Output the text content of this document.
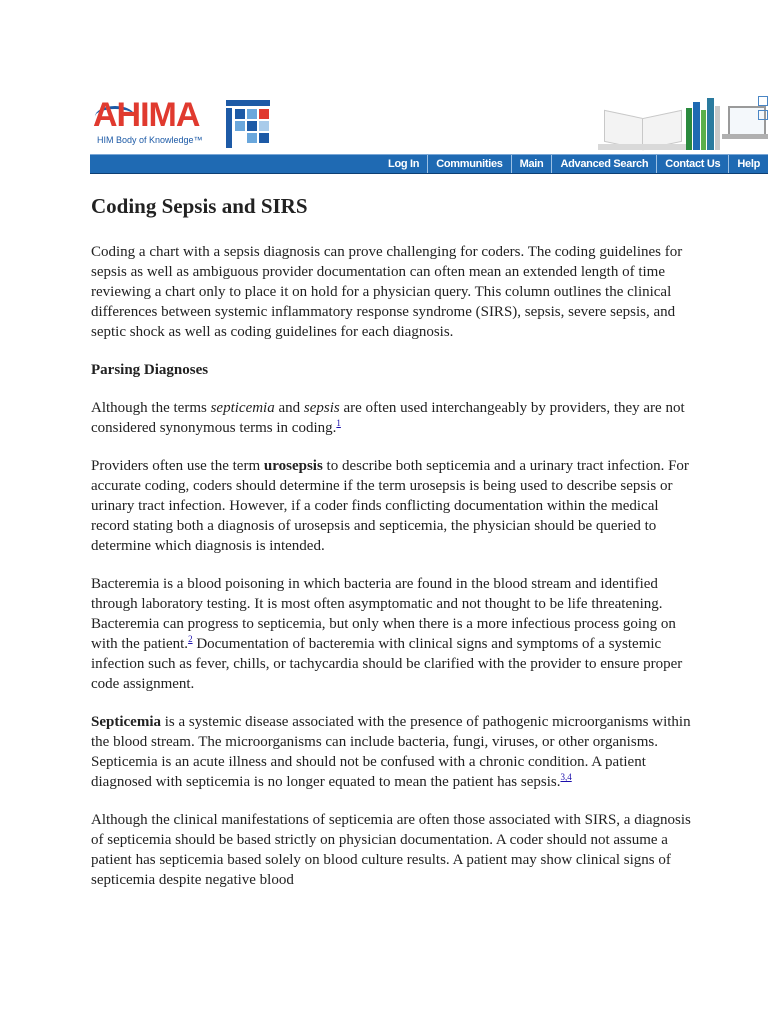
AHIMA
HIM Body of Knowledge™
Log In	Communities	Main	Advanced Search	Contact Us	Help
Coding Sepsis and SIRS

Coding a chart with a sepsis diagnosis can prove challenging for coders. The coding guidelines for sepsis as well as ambiguous provider documentation can often mean an extended length of time reviewing a chart only to place it on hold for a physician query. This column outlines the clinical differences between systemic inflammatory response syndrome (SIRS), sepsis, severe sepsis, and septic shock as well as coding guidelines for each diagnosis.

Parsing Diagnoses

Although the terms septicemia and sepsis are often used interchangeably by providers, they are not considered synonymous terms in coding.$^1$

Providers often use the term urosepsis to describe both septicemia and a urinary tract infection. For accurate coding, coders should determine if the term urosepsis is being used to describe sepsis or urinary tract infection. However, if a coder finds conflicting documentation within the medical record stating both a diagnosis of urosepsis and septicemia, the physician should be queried to determine which diagnosis is intended.

Bacteremia is a blood poisoning in which bacteria are found in the blood stream and identified through laboratory testing. It is most often asymptomatic and not thought to be life threatening. Bacteremia can progress to septicemia, but only when there is a more infectious process going on with the patient.$^2$ Documentation of bacteremia with clinical signs and symptoms of a systemic infection such as fever, chills, or tachycardia should be clarified with the provider to ensure proper code assignment.

Septicemia is a systemic disease associated with the presence of pathogenic microorganisms within the blood stream. The microorganisms can include bacteria, fungi, viruses, or other organisms. Septicemia is an acute illness and should not be confused with a chronic condition. A patient diagnosed with septicemia is no longer equated to mean the patient has sepsis.$^{3,4}$

Although the clinical manifestations of septicemia are often those associated with SIRS, a diagnosis of septicemia should be based strictly on physician documentation. A coder should not assume a patient has septicemia based solely on blood culture results. A patient may show clinical signs of septicemia despite negative blood
